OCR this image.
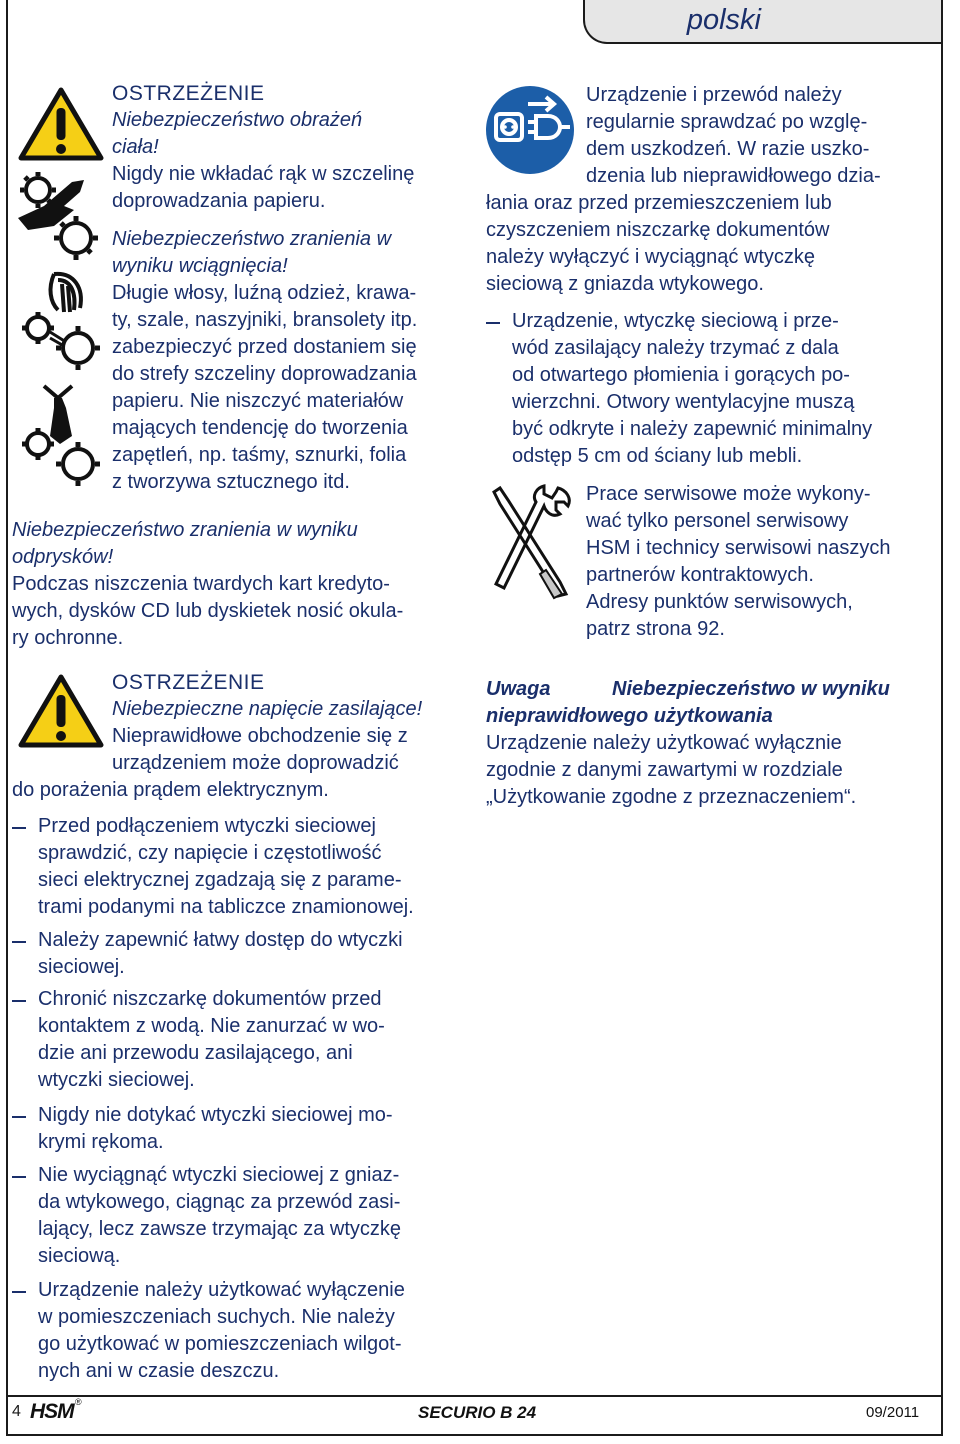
polski
OSTRZEŻENIE
Niebezpieczeństwo obrażeń
ciała!
Nigdy nie wkładać rąk w szczelinę
doprowadzania papieru.
Niebezpieczeństwo zranienia w
wyniku wciągnięcia!
Długie włosy, luźną odzież, krawa-
ty, szale, naszyjniki, bransolety itp.
zabezpieczyć przed dostaniem się
do strefy szczeliny doprowadzania
papieru. Nie niszczyć materiałów
mających tendencję do tworzenia
zapętleń, np. taśmy, sznurki, folia
z tworzywa sztucznego itd.
Niebezpieczeństwo zranienia w wyniku
odprysków!
Podczas niszczenia twardych kart kredyto-
wych, dysków CD lub dyskietek nosić okula-
ry ochronne.
OSTRZEŻENIE
Niebezpieczne napięcie zasilające!
Nieprawidłowe obchodzenie się z
urządzeniem może doprowadzić
do porażenia prądem elektrycznym.
Przed podłączeniem wtyczki sieciowej
sprawdzić, czy napięcie i częstotliwość
sieci elektrycznej zgadzają się z parame-
trami podanymi na tabliczce znamionowej.
Należy zapewnić łatwy dostęp do wtyczki
sieciowej.
Chronić niszczarkę dokumentów przed
kontaktem z wodą. Nie zanurzać w wo-
dzie ani przewodu zasilającego, ani
wtyczki sieciowej.
Nigdy nie dotykać wtyczki sieciowej mo-
krymi rękoma.
Nie wyciągnąć wtyczki sieciowej z gniaz-
da wtykowego, ciągnąc za przewód zasi-
lający, lecz zawsze trzymając za wtyczkę
sieciową.
Urządzenie należy użytkować wyłączenie
w pomieszczeniach suchych. Nie należy
go użytkować w pomieszczeniach wilgot-
nych ani w czasie deszczu.
Urządzenie i przewód należy
regularnie sprawdzać po wzglę-
dem uszkodzeń. W razie uszko-
dzenia lub nieprawidłowego dzia-
łania oraz przed przemieszczeniem lub
czyszczeniem niszczarkę dokumentów
należy wyłączyć i wyciągnąć wtyczkę
sieciową z gniazda wtykowego.
Urządzenie, wtyczkę sieciową i prze-
wód zasilający należy trzymać z dala
od otwartego płomienia i gorących po-
wierzchni. Otwory wentylacyjne muszą
być odkryte i należy zapewnić minimalny
odstęp 5 cm od ściany lub mebli.
Prace serwisowe może wykony-
wać tylko personel serwisowy
HSM i technicy serwisowi naszych
partnerów kontraktowych.
Adresy punktów serwisowych,
patrz strona 92.
Uwaga	Niebezpieczeństwo w wyniku
nieprawidłowego użytkowania
Urządzenie należy użytkować wyłącznie
zgodnie z danymi zawartymi w rozdziale
„Użytkowanie zgodne z przeznaczeniem“.
4 HSM ®
SECURIO B 24	09/2011
